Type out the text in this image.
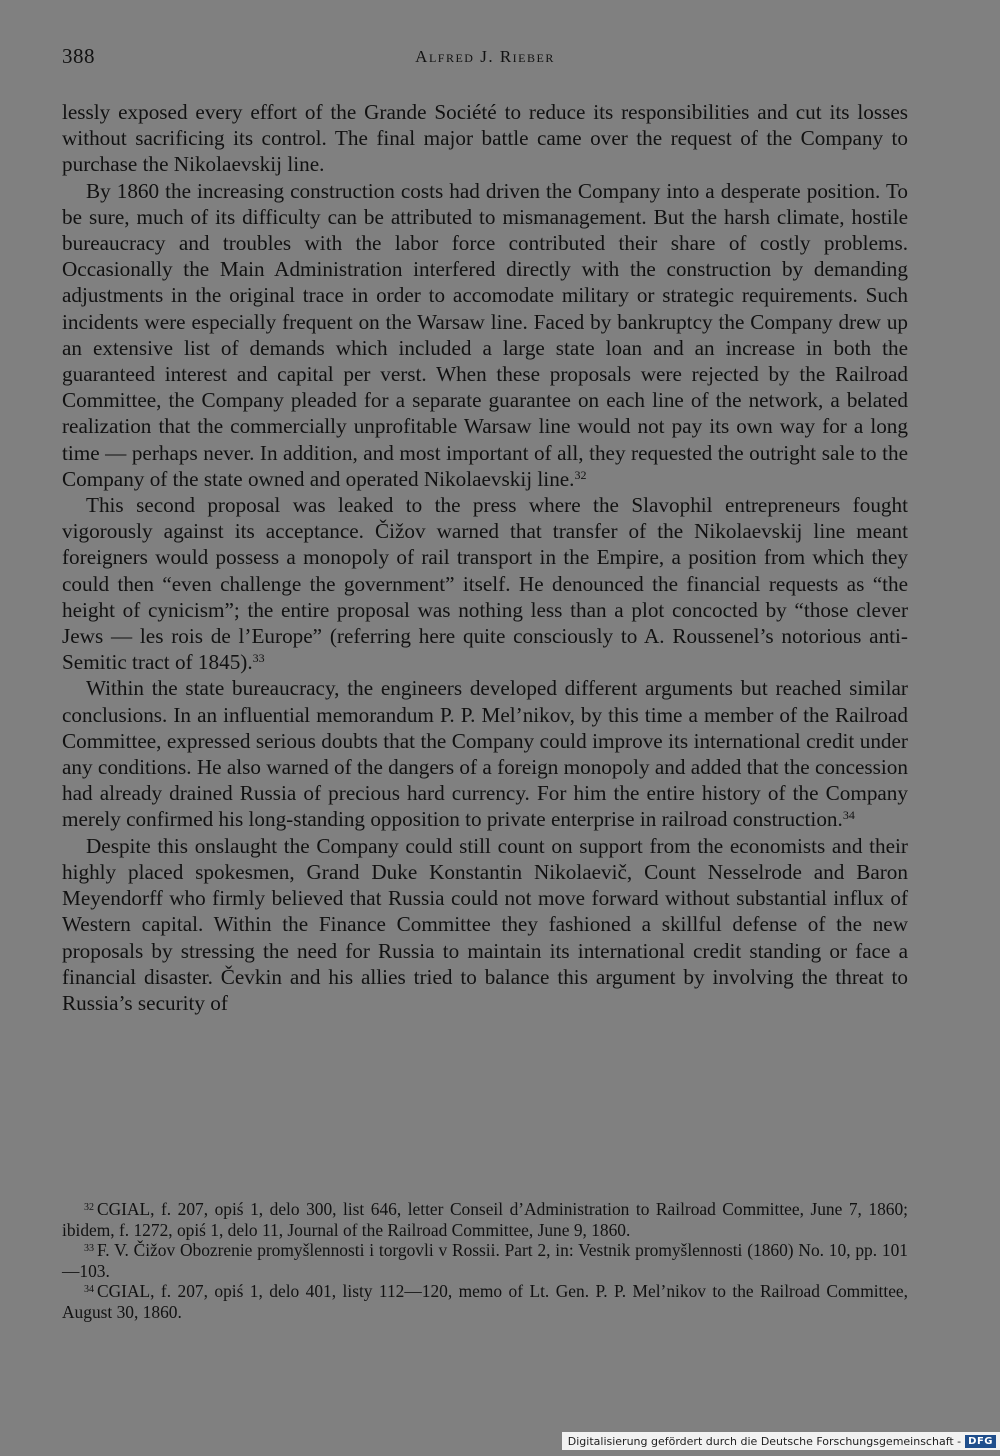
388	Alfred J. Rieber

lessly exposed every effort of the Grande Société to reduce its responsibilities and cut its losses without sacrificing its control. The final major battle came over the request of the Company to purchase the Nikolaevskij line.

By 1860 the increasing construction costs had driven the Company into a desperate position. To be sure, much of its difficulty can be attributed to mismanagement. But the harsh climate, hostile bureaucracy and troubles with the labor force contributed their share of costly problems. Occasionally the Main Administration interfered directly with the construction by demanding adjustments in the original trace in order to accomodate military or strategic requirements. Such incidents were especially frequent on the Warsaw line. Faced by bankruptcy the Company drew up an extensive list of demands which included a large state loan and an increase in both the guaranteed interest and capital per verst. When these proposals were rejected by the Railroad Committee, the Company pleaded for a separate guarantee on each line of the network, a belated realization that the commercially unprofitable Warsaw line would not pay its own way for a long time — perhaps never. In addition, and most important of all, they requested the outright sale to the Company of the state owned and operated Nikolaevskij line.$^{32}$

This second proposal was leaked to the press where the Slavophil entrepreneurs fought vigorously against its acceptance. Čižov warned that transfer of the Nikolaevskij line meant foreigners would possess a monopoly of rail transport in the Empire, a position from which they could then “even challenge the government” itself. He denounced the financial requests as “the height of cynicism”; the entire proposal was nothing less than a plot concocted by “those clever Jews — les rois de l’Europe” (referring here quite consciously to A. Roussenel’s notorious anti-Semitic tract of 1845).$^{33}$

Within the state bureaucracy, the engineers developed different arguments but reached similar conclusions. In an influential memorandum P. P. Mel’nikov, by this time a member of the Railroad Committee, expressed serious doubts that the Company could improve its international credit under any conditions. He also warned of the dangers of a foreign monopoly and added that the concession had already drained Russia of precious hard currency. For him the entire history of the Company merely confirmed his long-standing opposition to private enterprise in railroad construction.$^{34}$

Despite this onslaught the Company could still count on support from the economists and their highly placed spokesmen, Grand Duke Konstantin Nikolaevič, Count Nesselrode and Baron Meyendorff who firmly believed that Russia could not move forward without substantial influx of Western capital. Within the Finance Committee they fashioned a skillful defense of the new proposals by stressing the need for Russia to maintain its international credit standing or face a financial disaster. Čevkin and his allies tried to balance this argument by involving the threat to Russia’s security of

$^{32}$ CGIAL, f. 207, opiś 1, delo 300, list 646, letter Conseil d’Administration to Railroad Committee, June 7, 1860; ibidem, f. 1272, opiś 1, delo 11, Journal of the Railroad Committee, June 9, 1860.

$^{33}$ F. V. Čižov Obozrenie promyšlennosti i torgovli v Rossii. Part 2, in: Vestnik promyšlennosti (1860) No. 10, pp. 101—103.

$^{34}$ CGIAL, f. 207, opiś 1, delo 401, listy 112—120, memo of Lt. Gen. P. P. Mel’nikov to the Railroad Committee, August 30, 1860.

Digitalisierung gefördert durch die Deutsche Forschungsgemeinschaft - DFG
